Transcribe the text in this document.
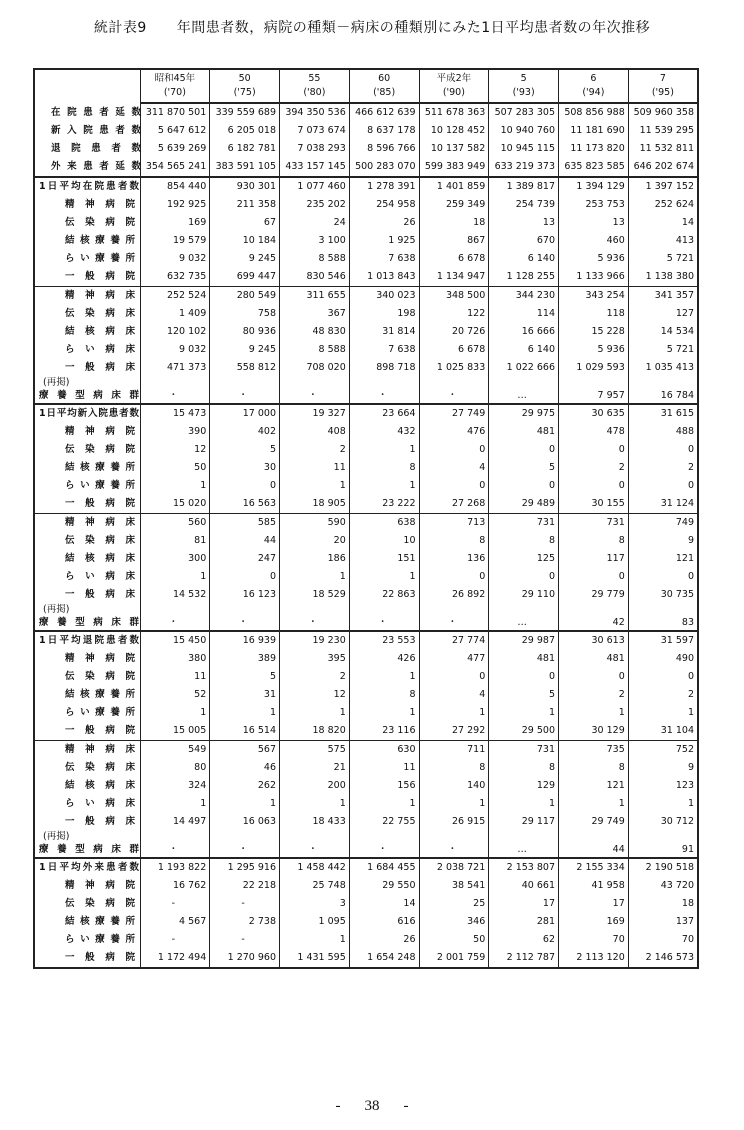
統計表9 年間患者数，病院の種類－病床の種類別にみた1日平均患者数の年次推移
	昭和45年	50	55	60	平成2年	5	6	7
('70)	('75)	('80)	('85)	('90)	('93)	('94)	('95)

在 院 患 者 延 数	311 870 501	339 559 689	394 350 536	466 612 639	511 678 363	507 283 305	508 856 988	509 960 358

新 入 院 患 者 数	5 647 612	6 205 018	7 073 674	8 637 178	10 128 452	10 940 760	11 181 690	11 539 295

退 院 患 者 数	5 639 269	6 182 781	7 038 293	8 596 766	10 137 582	10 945 115	11 173 820	11 532 811

外 来 患 者 延 数	354 565 241	383 591 105	433 157 145	500 283 070	599 383 949	633 219 373	635 823 585	646 202 674

1 日 平 均 在 院 患 者 数	854 440	930 301	1 077 460	1 278 391	1 401 859	1 389 817	1 394 129	1 397 152

精 神 病 院	192 925	211 358	235 202	254 958	259 349	254 739	253 753	252 624

伝 染 病 院	169	67	24	26	18	13	13	14

結 核 療 養 所	19 579	10 184	3 100	1 925	867	670	460	413

ら い 療 養 所	9 032	9 245	8 588	7 638	6 678	6 140	5 936	5 721

一 般 病 院	632 735	699 447	830 546	1 013 843	1 134 947	1 128 255	1 133 966	1 138 380

精 神 病 床	252 524	280 549	311 655	340 023	348 500	344 230	343 254	341 357

伝 染 病 床	1 409	758	367	198	122	114	118	127

結 核 病 床	120 102	80 936	48 830	31 814	20 726	16 666	15 228	14 534

ら い 病 床	9 032	9 245	8 588	7 638	6 678	6 140	5 936	5 721

一 般 病 床	471 373	558 812	708 020	898 718	1 025 833	1 022 666	1 029 593	1 035 413

(再掲)

療 養 型 病 床 群	・	・	・	・	・	…	7 957	16 784

1 日 平 均 新 入 院 患 者 数	15 473	17 000	19 327	23 664	27 749	29 975	30 635	31 615

精 神 病 院	390	402	408	432	476	481	478	488

伝 染 病 院	12	5	2	1	0	0	0	0

結 核 療 養 所	50	30	11	8	4	5	2	2

ら い 療 養 所	1	0	1	1	0	0	0	0

一 般 病 院	15 020	16 563	18 905	23 222	27 268	29 489	30 155	31 124

精 神 病 床	560	585	590	638	713	731	731	749

伝 染 病 床	81	44	20	10	8	8	8	9

結 核 病 床	300	247	186	151	136	125	117	121

ら い 病 床	1	0	1	1	0	0	0	0

一 般 病 床	14 532	16 123	18 529	22 863	26 892	29 110	29 779	30 735

(再掲)

療 養 型 病 床 群	・	・	・	・	・	…	42	83

1 日 平 均 退 院 患 者 数	15 450	16 939	19 230	23 553	27 774	29 987	30 613	31 597

精 神 病 院	380	389	395	426	477	481	481	490

伝 染 病 院	11	5	2	1	0	0	0	0

結 核 療 養 所	52	31	12	8	4	5	2	2

ら い 療 養 所	1	1	1	1	1	1	1	1

一 般 病 院	15 005	16 514	18 820	23 116	27 292	29 500	30 129	31 104

精 神 病 床	549	567	575	630	711	731	735	752

伝 染 病 床	80	46	21	11	8	8	8	9

結 核 病 床	324	262	200	156	140	129	121	123

ら い 病 床	1	1	1	1	1	1	1	1

一 般 病 床	14 497	16 063	18 433	22 755	26 915	29 117	29 749	30 712

(再掲)

療 養 型 病 床 群	・	・	・	・	・	…	44	91

1 日 平 均 外 来 患 者 数	1 193 822	1 295 916	1 458 442	1 684 455	2 038 721	2 153 807	2 155 334	2 190 518

精 神 病 院	16 762	22 218	25 748	29 550	38 541	40 661	41 958	43 720

伝 染 病 院	-	-	3	14	25	17	17	18

結 核 療 養 所	4 567	2 738	1 095	616	346	281	169	137

ら い 療 養 所	-	-	1	26	50	62	70	70

一 般 病 院	1 172 494	1 270 960	1 431 595	1 654 248	2 001 759	2 112 787	2 113 120	2 146 573
- 38 -
